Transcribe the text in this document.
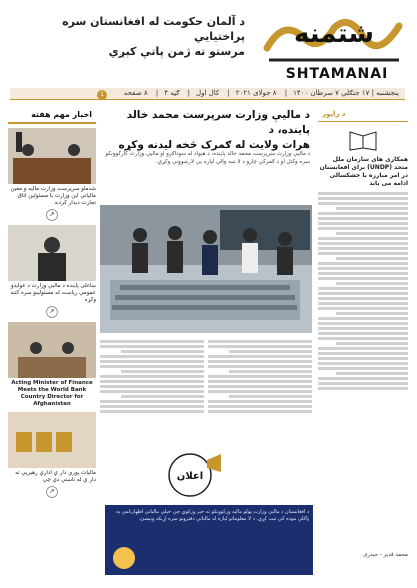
د آلمان حکومت له افغانستان سره پراختیایي
مرستو ته ژمن پاتې کېږي
شتمنه
SHTAMANAI
پنجشنبه | ۱۷ جنګلي ۷ سرطان ۱۴۰۰| ۸ جولای ۲۰۲۱| کال اول| ګڼه ۴| ۸ صفحه
1
د مالیې وزارت سرپرست محمد خالد پاینده، د
هرات ولایت له ګمرک څخه لیدنه وکړه
د مالیې وزارت سرپرست محمد خالد پاینده، د هېواد له سوداګرو او مالیې وزارت کارکوونکو سره وکتل او د ګمرکي چارو د لا ښه والي لپاره یې لارښوونې وکړې.
اعلان
د افغانستان د مالیې وزارت ټولو مالیه ورکوونکو ته خبر ورکوي چې خپلې مالیاتي اظهارنامې په ټاکلې موده کې ثبت کړي. د لا معلوماتو لپاره له مالیاتي دفترونو سره اړیکه ونیسئ.
اخبار مهم هفته
شدماو سرپرست وزارت مالیه و معین مالیاتي این وزارت با مسئولین اتاق تجارت دیدار کردند
↗
ښاغلی پاینده د مالیې وزارت د عوایدو عمومي ریاست له مسئولینو سره کتنه وکړه
↗
Acting Minister of Finance Meets the World Bank Country Director for Afghanistan
مالیات پوري دار ې ادارې رهبریي ته دار ې له ناستي دې چې
↗
د راپور
همکاری های سازمان ملل متحد (UNDP) برای افغانستان در امر مبارزه با خشکسالی ادامه می یابد
محمد قدیر - حیدری
